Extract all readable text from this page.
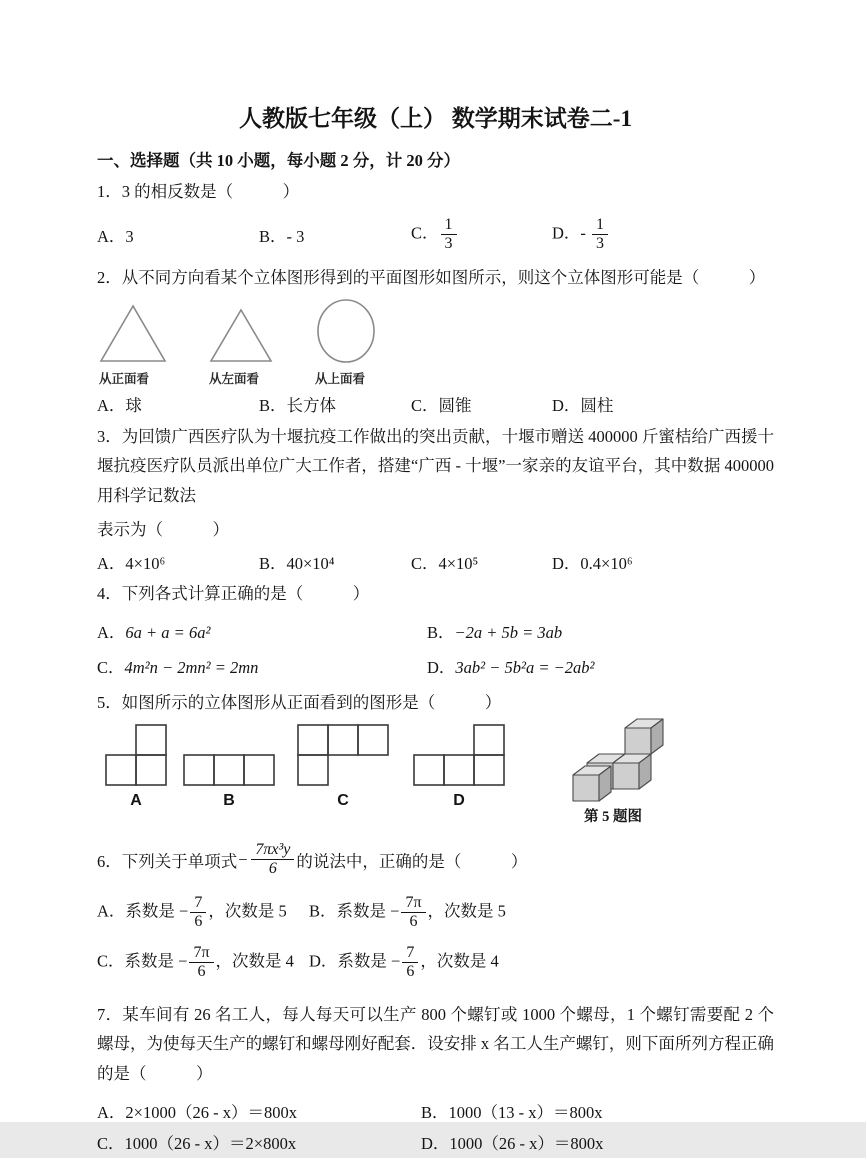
人教版七年级（上） 数学期末试卷二-1
一、选择题（共 10 小题，每小题 2 分，计 20 分）
1．3 的相反数是（　　　）
A．3	B．- 3	C． $\frac{1}{3}$	D．- $\frac{1}{3}$
2．从不同方向看某个立体图形得到的平面图形如图所示，则这个立体图形可能是（　　　）
从正面看	从左面看	从上面看
A．球	B．长方体	C．圆锥	D．圆柱
3．为回馈广西医疗队为十堰抗疫工作做出的突出贡献，十堰市赠送 400000 斤蜜桔给广西援十堰抗疫医疗队员派出单位广大工作者，搭建“广西 - 十堰”一家亲的友谊平台，其中数据 400000 用科学记数法
表示为（　　　）
A．4×10⁶	B．40×10⁴	C．4×10⁵	D．0.4×10⁶
4．下列各式计算正确的是（　　　）
A．6a + a = 6a²	B．−2a + 5b = 3ab
C．4m²n − 2mn² = 2mn	D．3ab² − 5b²a = −2ab²
5．如图所示的立体图形从正面看到的图形是（　　　）
A	B	C	D
第 5 题图
6．下列关于单项式 − $\frac{\text{7πx³y}}{6}$ 的说法中，正确的是（　　　）
A．系数是 − $\frac{7}{6}$ ，次数是 5	B．系数是 − $\frac{7\pi}{6}$ ，次数是 5
C．系数是 − $\frac{7\pi}{6}$ ，次数是 4 D．系数是 − $\frac{7}{6}$ ，次数是 4
7．某车间有 26 名工人，每人每天可以生产 800 个螺钉或 1000 个螺母，1 个螺钉需要配 2 个螺母，为使每天生产的螺钉和螺母刚好配套．设安排 x 名工人生产螺钉，则下面所列方程正确的是（　　　）
A．2×1000（26 - x）＝800x	B．1000（13 - x）＝800x
C．1000（26 - x）＝2×800x	D．1000（26 - x）＝800x
